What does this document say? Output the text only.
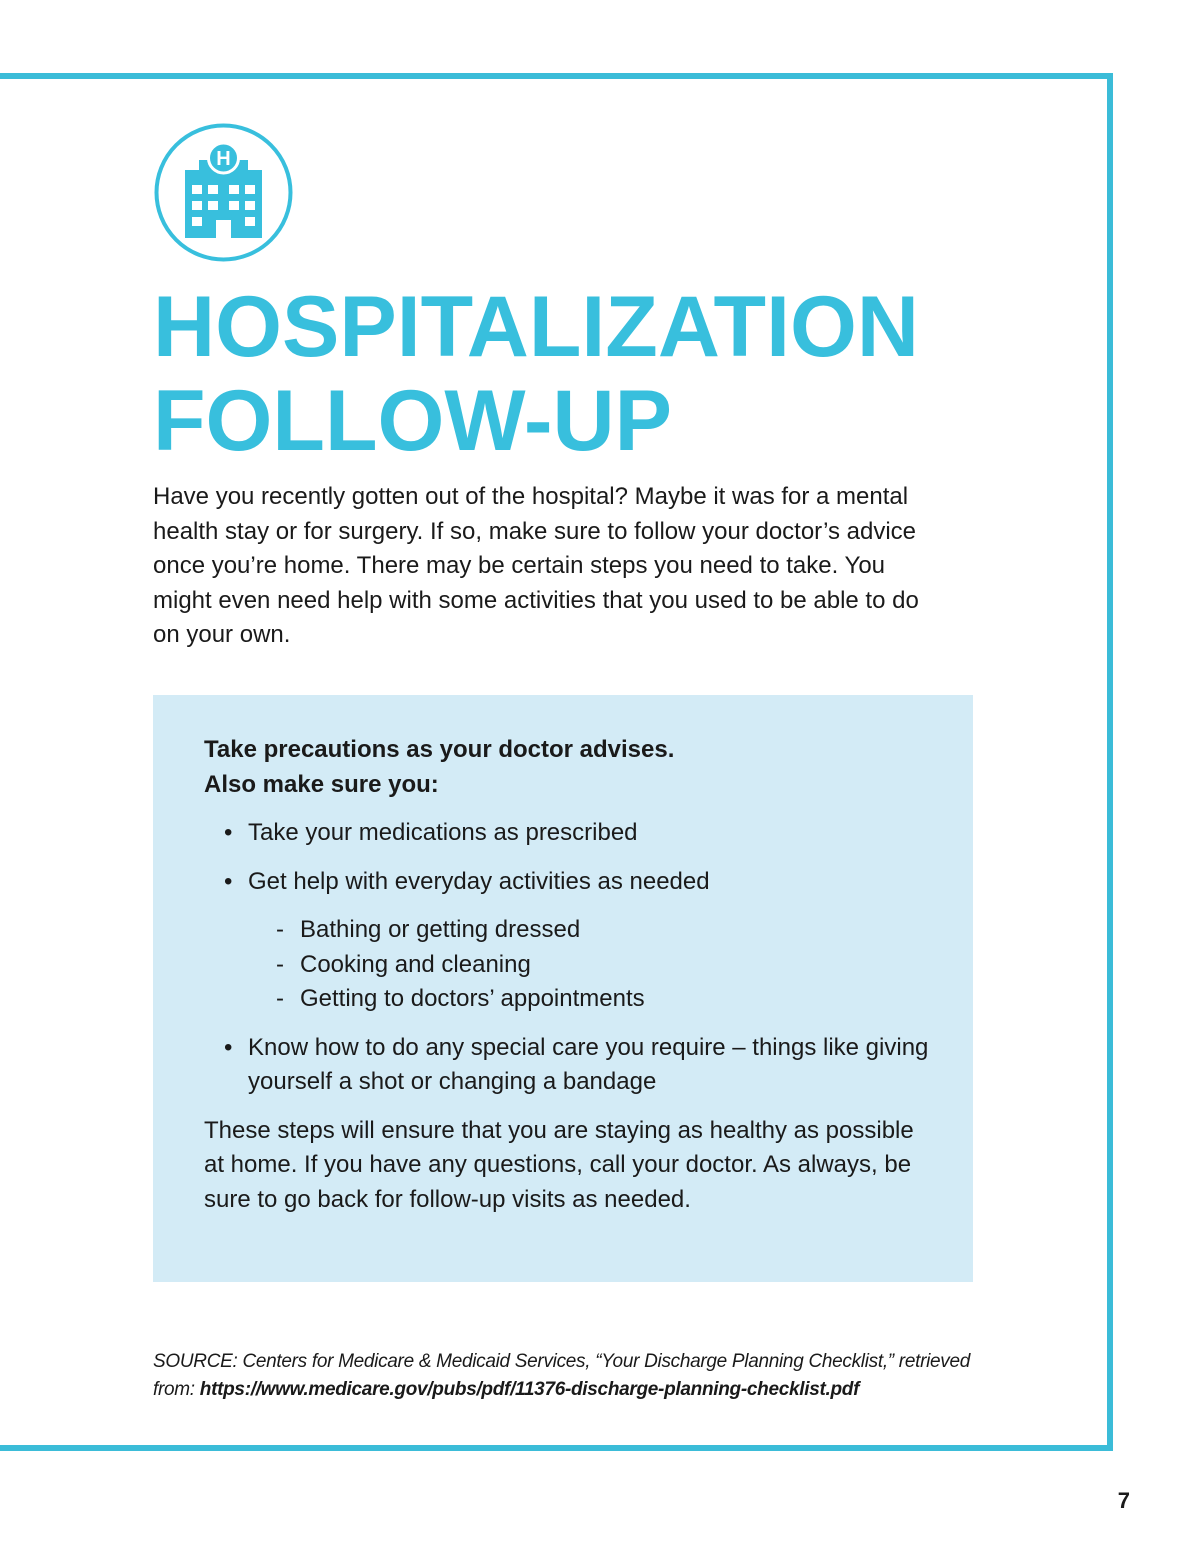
H
HOSPITALIZATION
FOLLOW-UP

Have you recently gotten out of the hospital? Maybe it was for a mental health stay or for surgery. If so, make sure to follow your doctor’s advice once you’re home. There may be certain steps you need to take. You might even need help with some activities that you used to be able to do on your own.

Take precautions as your doctor advises.
Also make sure you:

• Take your medications as prescribed
• Get help with everyday activities as needed
- Bathing or getting dressed
- Cooking and cleaning
- Getting to doctors’ appointments
• Know how to do any special care you require – things like giving yourself a shot or changing a bandage

These steps will ensure that you are staying as healthy as possible at home. If you have any questions, call your doctor. As always, be sure to go back for follow-up visits as needed.

SOURCE: Centers for Medicare & Medicaid Services, “Your Discharge Planning Checklist,” retrieved from: https://www.medicare.gov/pubs/pdf/11376-discharge-planning-checklist.pdf

7
